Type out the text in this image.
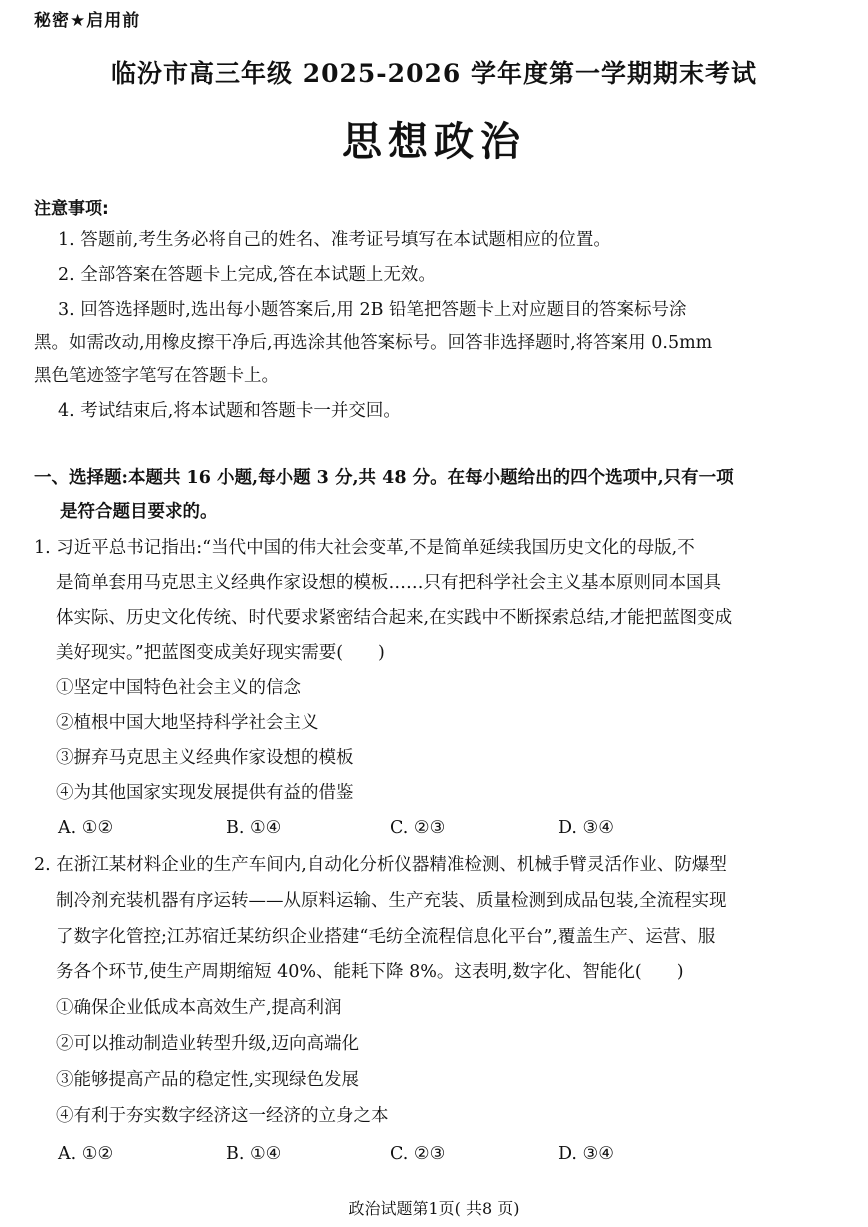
秘密★启用前
临汾市高三年级 2025-2026 学年度第一学期期末考试
思想政治
注意事项:
1. 答题前,考生务必将自己的姓名、准考证号填写在本试题相应的位置。
2. 全部答案在答题卡上完成,答在本试题上无效。
3. 回答选择题时,选出每小题答案后,用 2B 铅笔把答题卡上对应题目的答案标号涂
黑。如需改动,用橡皮擦干净后,再选涂其他答案标号。回答非选择题时,将答案用 0.5mm
黑色笔迹签字笔写在答题卡上。
4. 考试结束后,将本试题和答题卡一并交回。
一、选择题:本题共 16 小题,每小题 3 分,共 48 分。在每小题给出的四个选项中,只有一项
是符合题目要求的。
1. 习近平总书记指出:“当代中国的伟大社会变革,不是简单延续我国历史文化的母版,不
是简单套用马克思主义经典作家设想的模板……只有把科学社会主义基本原则同本国具
体实际、历史文化传统、时代要求紧密结合起来,在实践中不断探索总结,才能把蓝图变成
美好现实。”把蓝图变成美好现实需要(　　)
①坚定中国特色社会主义的信念
②植根中国大地坚持科学社会主义
③摒弃马克思主义经典作家设想的模板
④为其他国家实现发展提供有益的借鉴
A. ①②	B. ①④	C. ②③	D. ③④
2. 在浙江某材料企业的生产车间内,自动化分析仪器精准检测、机械手臂灵活作业、防爆型
制冷剂充装机器有序运转——从原料运输、生产充装、质量检测到成品包装,全流程实现
了数字化管控;江苏宿迁某纺织企业搭建“毛纺全流程信息化平台”,覆盖生产、运营、服
务各个环节,使生产周期缩短 40%、能耗下降 8%。这表明,数字化、智能化(　　)
①确保企业低成本高效生产,提高利润
②可以推动制造业转型升级,迈向高端化
③能够提高产品的稳定性,实现绿色发展
④有利于夯实数字经济这一经济的立身之本
A. ①②	B. ①④	C. ②③	D. ③④
政治试题第1页( 共8 页)
